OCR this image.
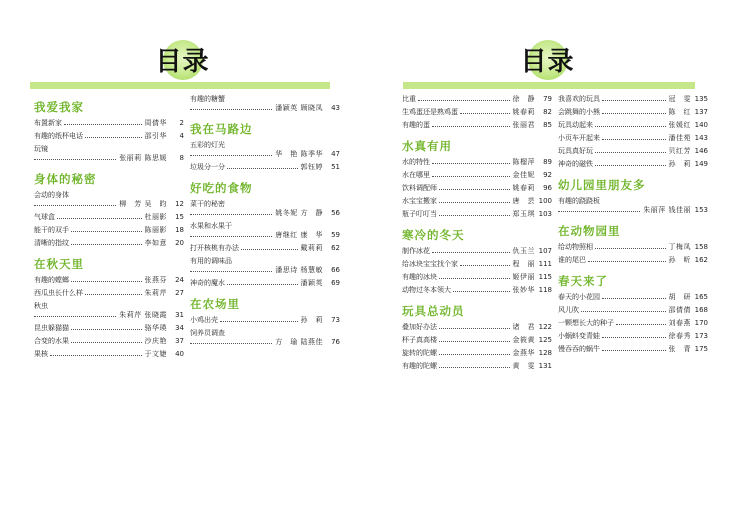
目录
我爱我家
布置新家	周倩华	2
有趣的纸杯电话	邵引华	4
玩镜
张丽莉 陈思媛	8
身体的秘密
会动的身体
柳　芳 吴　昀	12
气球盒	杜丽影	15
能干的双手	陈丽影	18
清晰的指纹	李如意	20
在秋天里
有趣的螳螂	张燕芬	24
西瓜虫长什么样	朱莉芹	27
秋虫
朱莉芹 张晓霞	31
昆虫躲猫猫	骆华瑛	34
合变的水果	沙庆艳	37
果核	于文婕	40
有趣的糖蟹
潘颖英 顾晓凤	43
我在马路边
五彩的灯光
华　艳 陈季华	47
垃圾分一分	郭钰婷	51
好吃的食物
菜干的秘密
姚冬妮 方　静	56
水果和水果干
唐继红 康　华	59
打开核桃有办法	戴莉莉	62
有用的调味品
潘思诗 杨慧敏	66
神奇的魔水	潘颖英	69
在农场里
小鸡出壳	孙　莉	73
饲养员调查
方　瑜 陆燕佳	76
目录
比重	徐　静	79
生鸡蛋还是熟鸡蛋	姚春莉	82
有趣的蛋	张丽君	85
水真有用
水的特性	陈榴萍	89
水在哪里	金佳妮	92
饮料调配师	姚春莉	96
水宝宝搬家	唐　芸 100
瓶子叮叮当	郑玉琪 103
寒冷的冬天
制作冰花	仇玉兰 107
给冰块宝宝找个家	程　丽 111
有趣的冰块	姬伊丽 115
动物过冬本领大	张妙华 118
玩具总动员
叠加好办法	诸　君 122
杯子真高楼	金筱黄 125
旋转的陀螺	金燕华 128
有趣的陀螺	黄　雯 131
我喜欢的玩具	冠　雯 135
会跳舞的小熊	陈　红 137
玩具动起来	张媛红 140
小页车开起来	潘佳苑 143
玩具真好玩	贝红芳 146
神奇的磁铁	孙　莉 149
幼儿园里朋友多
有趣的跷跷板
朱丽萍 钱佳丽 153
在动物园里
给动物照相	丁梅凤 158
谁的尾巴	孙　昕 162
春天来了
春天的小花园	胡　研 165
风儿吹	邵倩倩 168
一颗想长大的种子	刘春燕 170
小蜗蚪变青蛙	徐春秀 173
慢吞吞的蜗牛	张　青 175
